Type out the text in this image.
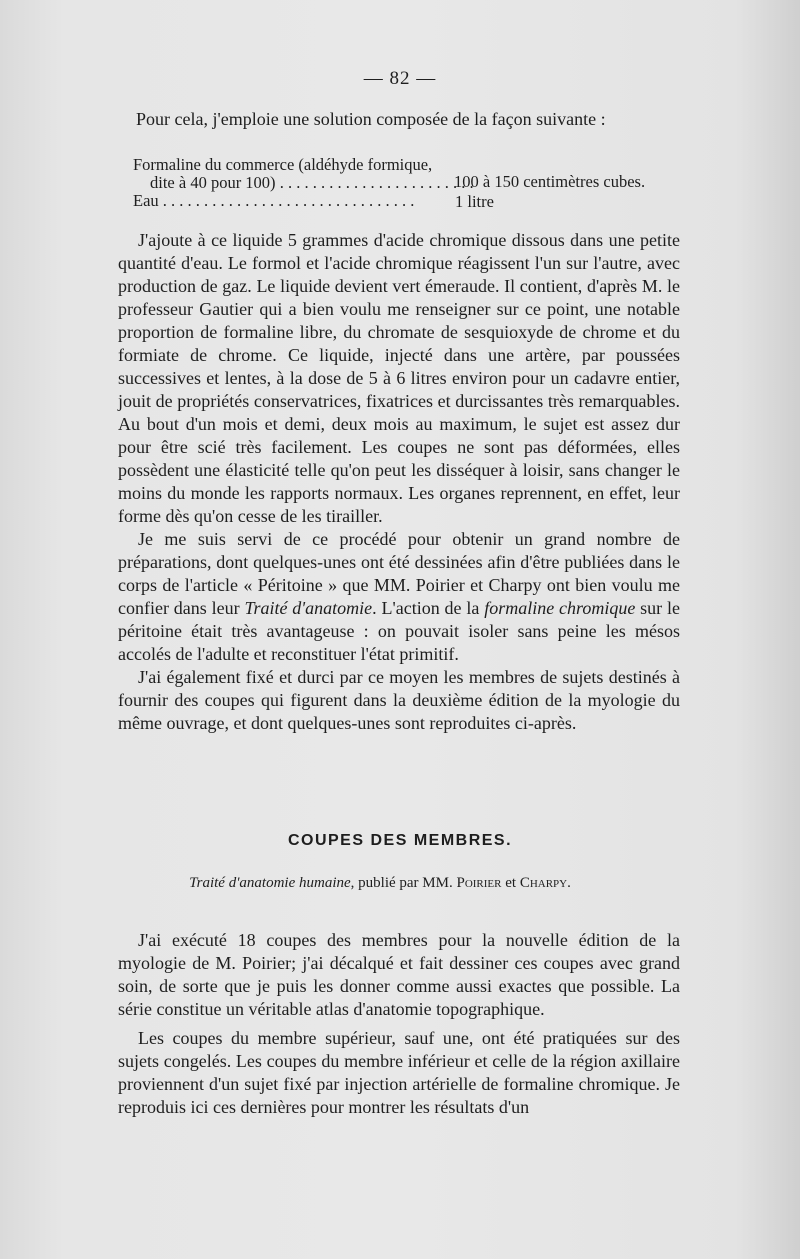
— 82 —
Pour cela, j'emploie une solution composée de la façon suivante :
Formaline du commerce (aldéhyde formique,
dite à 40 pour 100) . . . . . . . . . . . . . . . . . . . . . . . .
100 à 150 centimètres cubes.
Eau . . . . . . . . . . . . . . . . . . . . . . . . . . . . . . .	1 litre

J'ajoute à ce liquide 5 grammes d'acide chromique dissous dans une petite quantité d'eau. Le formol et l'acide chromique réagissent l'un sur l'autre, avec production de gaz. Le liquide devient vert émeraude. Il contient, d'après M. le professeur Gautier qui a bien voulu me renseigner sur ce point, une notable proportion de formaline libre, du chromate de sesquioxyde de chrome et du formiate de chrome. Ce liquide, injecté dans une artère, par poussées successives et lentes, à la dose de 5 à 6 litres environ pour un cadavre entier, jouit de propriétés conservatrices, fixatrices et durcissantes très remarquables. Au bout d'un mois et demi, deux mois au maximum, le sujet est assez dur pour être scié très facilement. Les coupes ne sont pas déformées, elles possèdent une élasticité telle qu'on peut les disséquer à loisir, sans changer le moins du monde les rapports normaux. Les organes reprennent, en effet, leur forme dès qu'on cesse de les tirailler.

Je me suis servi de ce procédé pour obtenir un grand nombre de préparations, dont quelques-unes ont été dessinées afin d'être publiées dans le corps de l'article « Péritoine » que MM. Poirier et Charpy ont bien voulu me confier dans leur Traité d'anatomie. L'action de la formaline chromique sur le péritoine était très avantageuse : on pouvait isoler sans peine les mésos accolés de l'adulte et reconstituer l'état primitif.

J'ai également fixé et durci par ce moyen les membres de sujets destinés à fournir des coupes qui figurent dans la deuxième édition de la myologie du même ouvrage, et dont quelques-unes sont reproduites ci-après.

COUPES DES MEMBRES.
Traité d'anatomie humaine, publié par MM. Poirier et Charpy.

J'ai exécuté 18 coupes des membres pour la nouvelle édition de la myologie de M. Poirier; j'ai décalqué et fait dessiner ces coupes avec grand soin, de sorte que je puis les donner comme aussi exactes que possible. La série constitue un véritable atlas d'anatomie topographique.

Les coupes du membre supérieur, sauf une, ont été pratiquées sur des sujets congelés. Les coupes du membre inférieur et celle de la région axillaire proviennent d'un sujet fixé par injection artérielle de formaline chromique. Je reproduis ici ces dernières pour montrer les résultats d'un
